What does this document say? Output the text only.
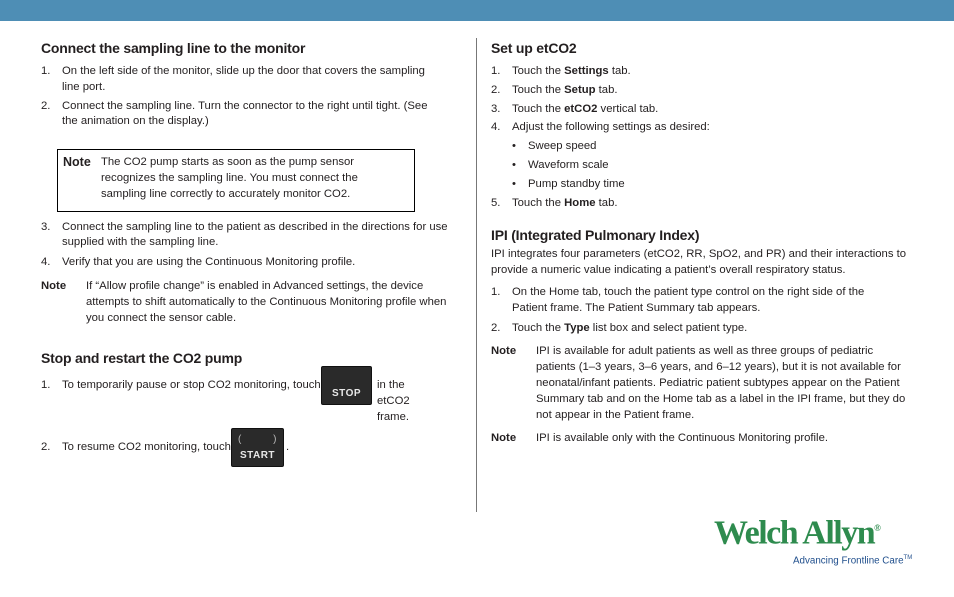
Connect the sampling line to the monitor
1. On the left side of the monitor, slide up the door that covers the sampling line port.
2. Connect the sampling line. Turn the connector to the right until tight. (See the animation on the display.)
Note The CO2 pump starts as soon as the pump sensor recognizes the sampling line. You must connect the sampling line correctly to accurately monitor CO2.
3. Connect the sampling line to the patient as described in the directions for use supplied with the sampling line.
4. Verify that you are using the Continuous Monitoring profile.
Note If “Allow profile change” is enabled in Advanced settings, the device attempts to shift automatically to the Continuous Monitoring profile when you connect the sensor cable.
Stop and restart the CO2 pump
1. To temporarily pause or stop CO2 monitoring, touch
STOP
in the etCO2 frame.
2. To resume CO2 monitoring, touch
(	)
START
.
Set up etCO2
1. Touch the Settings tab.
2. Touch the Setup tab.
3. Touch the etCO2 vertical tab.
4. Adjust the following settings as desired:
• Sweep speed
• Waveform scale
• Pump standby time
5. Touch the Home tab.
IPI (Integrated Pulmonary Index)
IPI integrates four parameters (etCO2, RR, SpO2, and PR) and their interactions to provide a numeric value indicating a patient’s overall respiratory status.
1. On the Home tab, touch the patient type control on the right side of the Patient frame. The Patient Summary tab appears.
2. Touch the Type list box and select patient type.
Note IPI is available for adult patients as well as three groups of pediatric patients (1–3 years, 3–6 years, and 6–12 years), but it is not available for neonatal/infant patients. Pediatric patient subtypes appear on the Patient Summary tab and on the Home tab as a label in the IPI frame, but they do not appear in the Patient frame.
Note IPI is available only with the Continuous Monitoring profile.
Welch Allyn®
Advancing Frontline Care™
